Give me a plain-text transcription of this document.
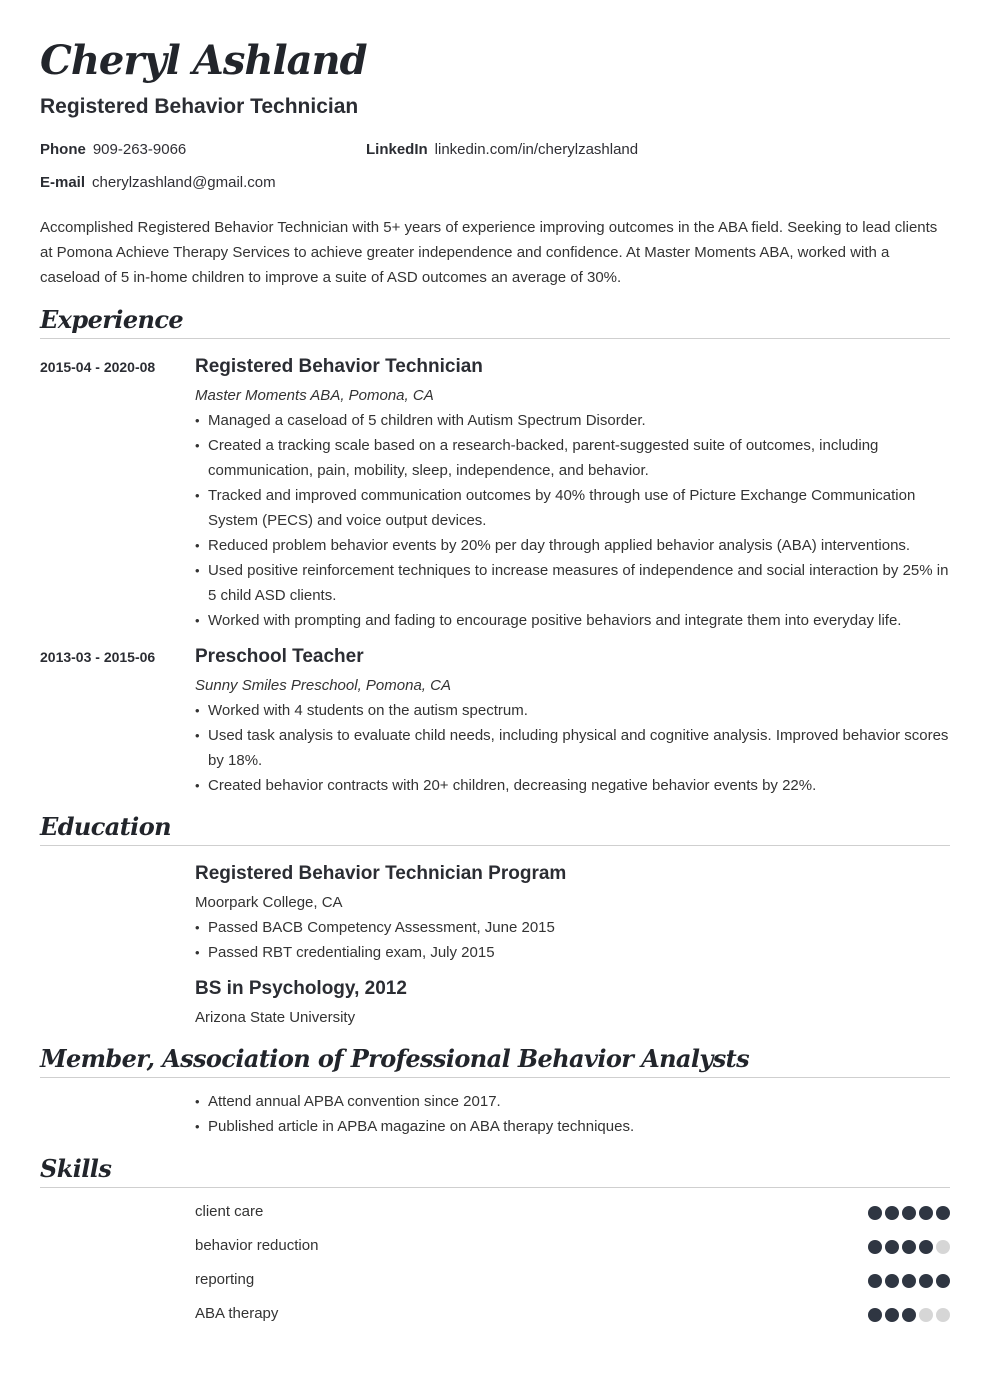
Cheryl Ashland
Registered Behavior Technician
Phone 909-263-9066	LinkedIn linkedin.com/in/cherylzashland
E-mail cherylzashland@gmail.com

Accomplished Registered Behavior Technician with 5+ years of experience improving outcomes in the ABA field. Seeking to lead clients at Pomona Achieve Therapy Services to achieve greater independence and confidence. At Master Moments ABA, worked with a caseload of 5 in-home children to improve a suite of ASD outcomes an average of 30%.

Experience
2015-04 - 2020-08 Registered Behavior Technician
Master Moments ABA, Pomona, CA
• Managed a caseload of 5 children with Autism Spectrum Disorder.
• Created a tracking scale based on a research-backed, parent-suggested suite of outcomes, including communication, pain, mobility, sleep, independence, and behavior.
• Tracked and improved communication outcomes by 40% through use of Picture Exchange Communication System (PECS) and voice output devices.
• Reduced problem behavior events by 20% per day through applied behavior analysis (ABA) interventions.
• Used positive reinforcement techniques to increase measures of independence and social interaction by 25% in 5 child ASD clients.
• Worked with prompting and fading to encourage positive behaviors and integrate them into everyday life.
2013-03 - 2015-06 Preschool Teacher
Sunny Smiles Preschool, Pomona, CA
• Worked with 4 students on the autism spectrum.
• Used task analysis to evaluate child needs, including physical and cognitive analysis. Improved behavior scores by 18%.
• Created behavior contracts with 20+ children, decreasing negative behavior events by 22%.
Education
Registered Behavior Technician Program
Moorpark College, CA
• Passed BACB Competency Assessment, June 2015
• Passed RBT credentialing exam, July 2015
BS in Psychology, 2012
Arizona State University
Member, Association of Professional Behavior Analysts
• Attend annual APBA convention since 2017.
• Published article in APBA magazine on ABA therapy techniques.
Skills
client care
behavior reduction
reporting
ABA therapy
